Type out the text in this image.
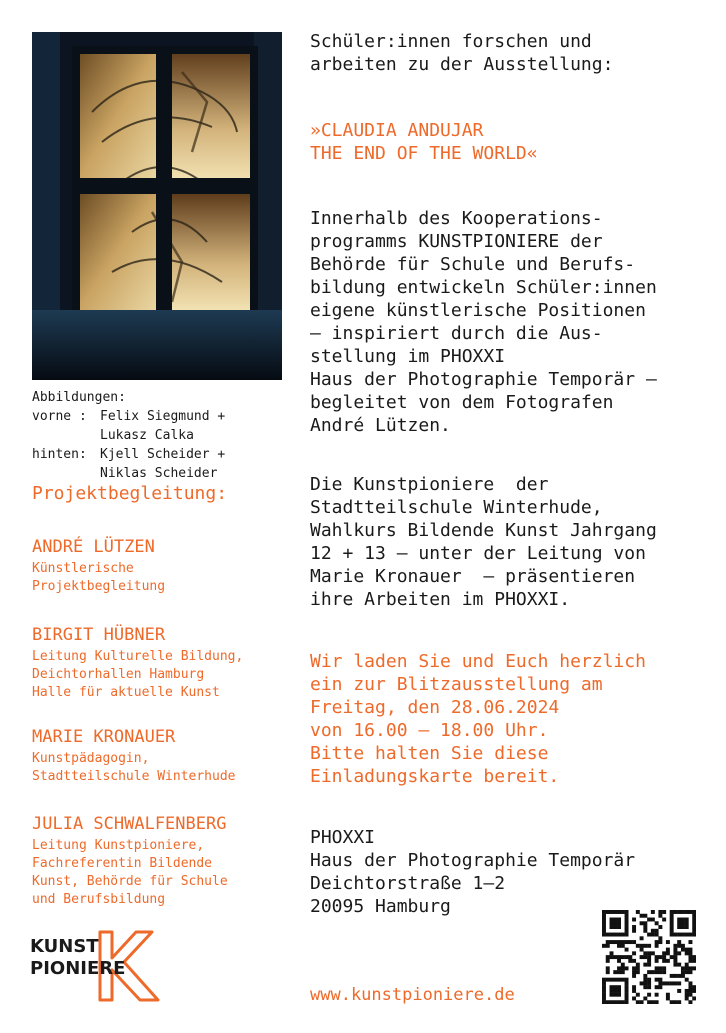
Abbildungen:
vorne :	Felix Siegmund +
Lukasz Calka
hinten:	Kjell Scheider +
Niklas Scheider
Projektbegleitung:
ANDRÉ LÜTZEN
Künstlerische
Projektbegleitung
BIRGIT HÜBNER
Leitung Kulturelle Bildung,
Deichtorhallen Hamburg
Halle für aktuelle Kunst
MARIE KRONAUER
Kunstpädagogin,
Stadtteilschule Winterhude
JULIA SCHWALFENBERG
Leitung Kunstpioniere,
Fachreferentin Bildende
Kunst, Behörde für Schule
und Berufsbildung
KUNST
PIONIERE
Schüler:innen forschen und
arbeiten zu der Ausstellung:
»CLAUDIA ANDUJAR
THE END OF THE WORLD«
Innerhalb des Kooperations-
programms KUNSTPIONIERE der
Behörde für Schule und Berufs-
bildung entwickeln Schüler:innen
eigene künstlerische Positionen
– inspiriert durch die Aus-
stellung im PHOXXI
Haus der Photographie Temporär –
begleitet von dem Fotografen
André Lützen.
Die Kunstpioniere  der
Stadtteilschule Winterhude,
Wahlkurs Bildende Kunst Jahrgang
12 + 13 – unter der Leitung von
Marie Kronauer  – präsentieren
ihre Arbeiten im PHOXXI.
Wir laden Sie und Euch herzlich
ein zur Blitzausstellung am
Freitag, den 28.06.2024
von 16.00 – 18.00 Uhr.
Bitte halten Sie diese
Einladungskarte bereit.
PHOXXI
Haus der Photographie Temporär
Deichtorstraße 1–2
20095 Hamburg
www.kunstpioniere.de
